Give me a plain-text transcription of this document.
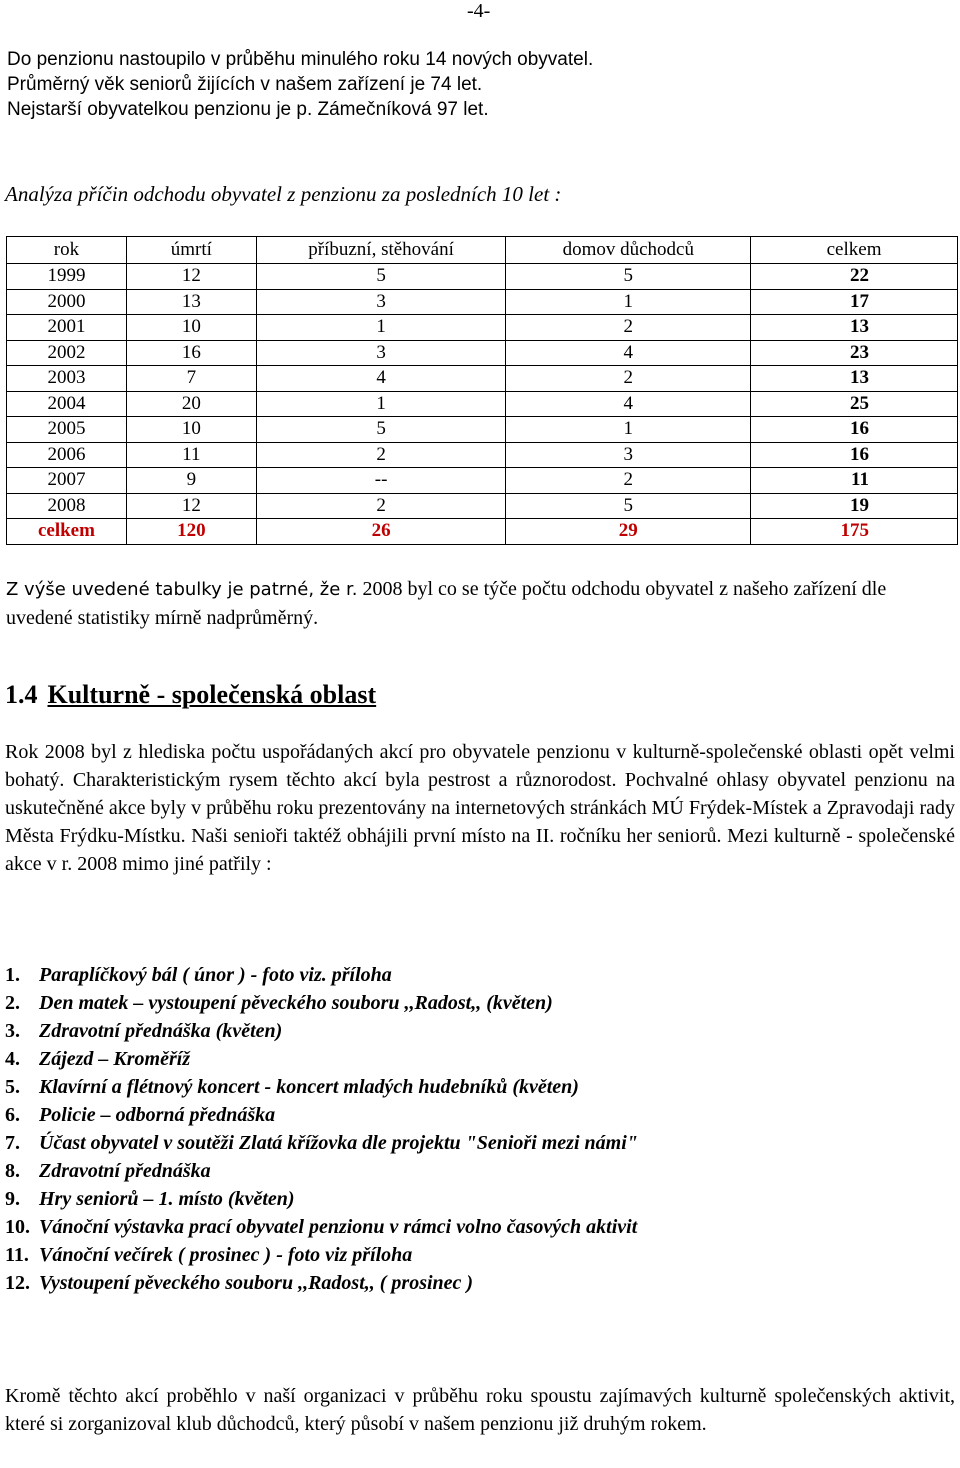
-4-
Do penzionu nastoupilo v průběhu minulého roku 14 nových obyvatel.
Průměrný věk seniorů žijících v našem zařízení je 74 let.
Nejstarší obyvatelkou penzionu je p. Zámečníková 97 let.
Analýza příčin odchodu obyvatel z penzionu za posledních 10 let :
rok	úmrtí	příbuzní, stěhování	domov důchodců	celkem
1999	12	5	5	22
2000	13	3	1	17
2001	10	1	2	13
2002	16	3	4	23
2003	7	4	2	13
2004	20	1	4	25
2005	10	5	1	16
2006	11	2	3	16
2007	9	--	2	11
2008	12	2	5	19
celkem	120	26	29	175
Z výše uvedené tabulky je patrné, že r. 2008 byl co se týče počtu odchodu obyvatel z našeho zařízení dle uvedené statistiky mírně nadprůměrný.
1.4 Kulturně - společenská oblast
Rok 2008 byl z hlediska počtu uspořádaných akcí pro obyvatele penzionu v kulturně-společenské oblasti opět velmi bohatý. Charakteristickým rysem těchto akcí byla pestrost a různorodost. Pochvalné ohlasy obyvatel penzionu na uskutečněné akce byly v průběhu roku prezentovány na internetových stránkách MÚ Frýdek-Místek a Zpravodaji rady Města Frýdku-Místku. Naši senioři taktéž obhájili první místo na II. ročníku her seniorů. Mezi kulturně - společenské akce v r. 2008 mimo jiné patřily :
1. Paraplíčkový bál ( únor ) - foto viz. příloha
2. Den matek – vystoupení pěveckého souboru ,,Radost,, (květen)
3. Zdravotní přednáška (květen)
4. Zájezd – Kroměříž
5. Klavírní a flétnový koncert - koncert mladých hudebníků (květen)
6. Policie – odborná přednáška
7. Účast obyvatel v soutěži Zlatá křížovka dle projektu "Senioři mezi námi"
8. Zdravotní přednáška
9. Hry seniorů – 1. místo (květen)
10. Vánoční výstavka prací obyvatel penzionu v rámci volno časových aktivit
11. Vánoční večírek ( prosinec ) - foto viz příloha
12. Vystoupení pěveckého souboru ,,Radost,, ( prosinec )
Kromě těchto akcí proběhlo v naší organizaci v průběhu roku spoustu zajímavých kulturně společenských aktivit, které si zorganizoval klub důchodců, který působí v našem penzionu již druhým rokem.
